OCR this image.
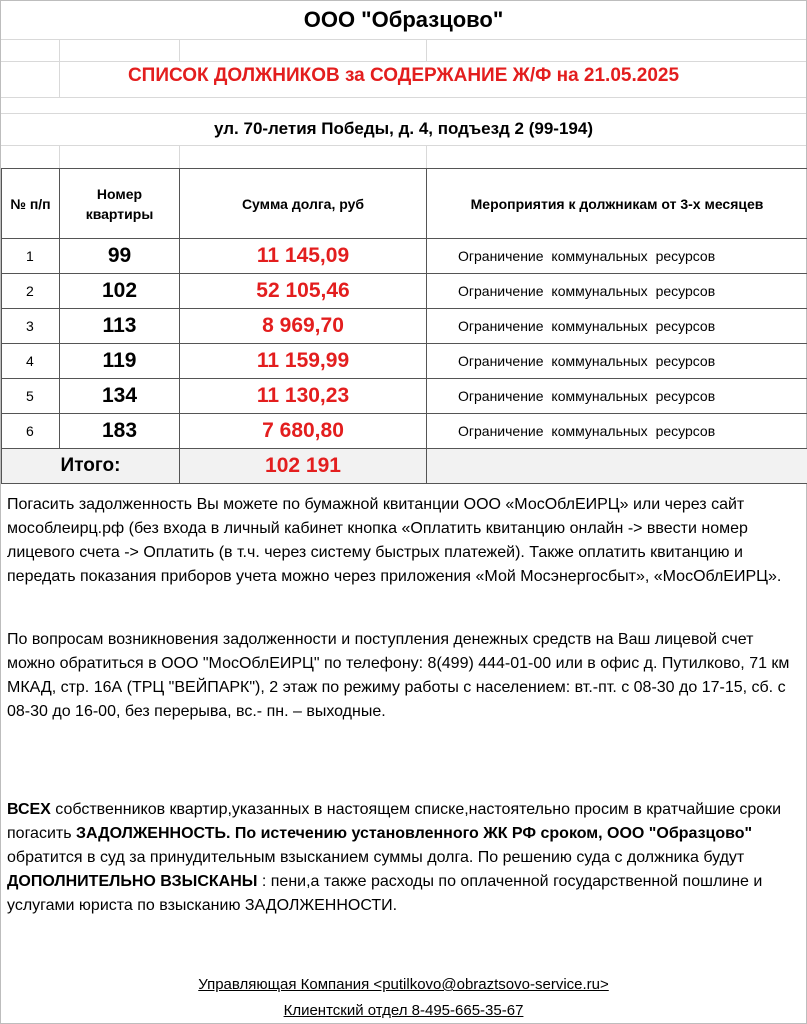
ООО "Образцово"
СПИСОК ДОЛЖНИКОВ за СОДЕРЖАНИЕ Ж/Ф на 21.05.2025
ул. 70-летия Победы, д. 4, подъезд 2 (99-194)
№ п/п	Номер квартиры	Сумма долга, руб	Мероприятия к должникам от 3-х месяцев
1	99	11 145,09	Ограничение коммунальных ресурсов
2	102	52 105,46	Ограничение коммунальных ресурсов
3	113	8 969,70	Ограничение коммунальных ресурсов
4	119	11 159,99	Ограничение коммунальных ресурсов
5	134	11 130,23	Ограничение коммунальных ресурсов
6	183	7 680,80	Ограничение коммунальных ресурсов
Итого:		102 191	
Погасить задолженность Вы можете по бумажной квитанции ООО «МосОблЕИРЦ» или через сайт мособлеирц.рф (без входа в личный кабинет кнопка «Оплатить квитанцию онлайн -> ввести номер лицевого счета -> Оплатить (в т.ч. через систему быстрых платежей). Также оплатить квитанцию и передать показания приборов учета можно через приложения «Мой Мосэнергосбыт», «МосОблЕИРЦ».
По вопросам возникновения задолженности и поступления денежных средств на Ваш лицевой счет можно обратиться в ООО "МосОблЕИРЦ" по телефону: 8(499) 444-01-00 или в офис д. Путилково, 71 км МКАД, стр. 16А (ТРЦ "ВЕЙПАРК"), 2 этаж по режиму работы с населением: вт.-пт. с 08-30 до 17-15, сб. с 08-30 до 16-00, без перерыва, вс.- пн. – выходные.
ВСЕХ собственников квартир,указанных в настоящем списке,настоятельно просим в кратчайшие сроки погасить ЗАДОЛЖЕННОСТЬ. По истечению установленного ЖК РФ сроком, ООО "Образцово" обратится в суд за принудительным взысканием суммы долга. По решению суда с должника будут ДОПОЛНИТЕЛЬНО ВЗЫСКАНЫ : пени,а также расходы по оплаченной государственной пошлине и услугами юриста по взысканию ЗАДОЛЖЕННОСТИ.
Управляющая Компания <putilkovo@obraztsovo-service.ru>
Клиентский отдел 8-495-665-35-67
